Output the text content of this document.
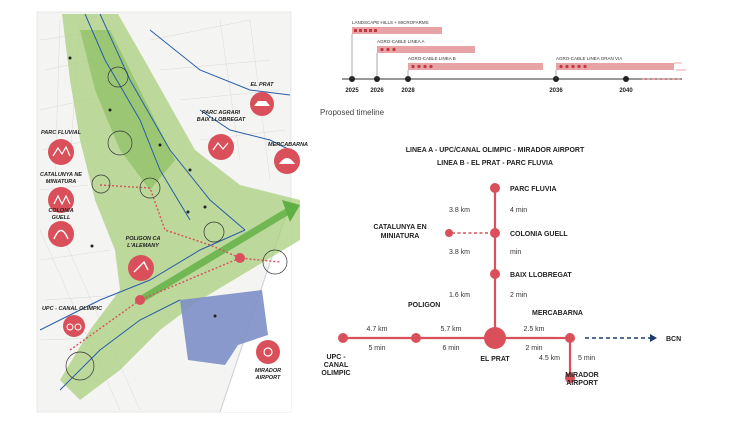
EL PRAT
PARC AGRARI
BAIX LLOBREGAT
PARC FLUVIAL
MERCABARNA
CATALUNYA NE
MINIATURA
COLONIA
GUELL
POLIGON CA
L'ALEMANY
UPC - CANAL OLIMPIC
MIRADOR
AIRPORT
LANDSCAPE HILLS + MICROFARMS
AGRO-CABLE LINEA A
AGRO-CABLE LINEA B	AGRO-CABLE LINEA GRAN VIA
2025 2026	2028	2036	2040
Proposed timeline
LINEA A - UPC/CANAL OLIMPIC - MIRADOR AIRPORT
LINEA B - EL PRAT - PARC FLUVIA
PARC FLUVIA
CATALUNYA EN
MINIATURA	COLONIA GUELL
BAIX LLOBREGAT
POLIGON
MERCABARNA
UPC -
CANAL
OLIMPIC
EL PRAT
MIRADOR
AIRPORT
BCN
3.8 km	4 min
3.8 km	min
1.6 km	2 min
4.7 km
5 min
5.7 km
6 min
2.5 km
2 min
4.5 km	5 min
